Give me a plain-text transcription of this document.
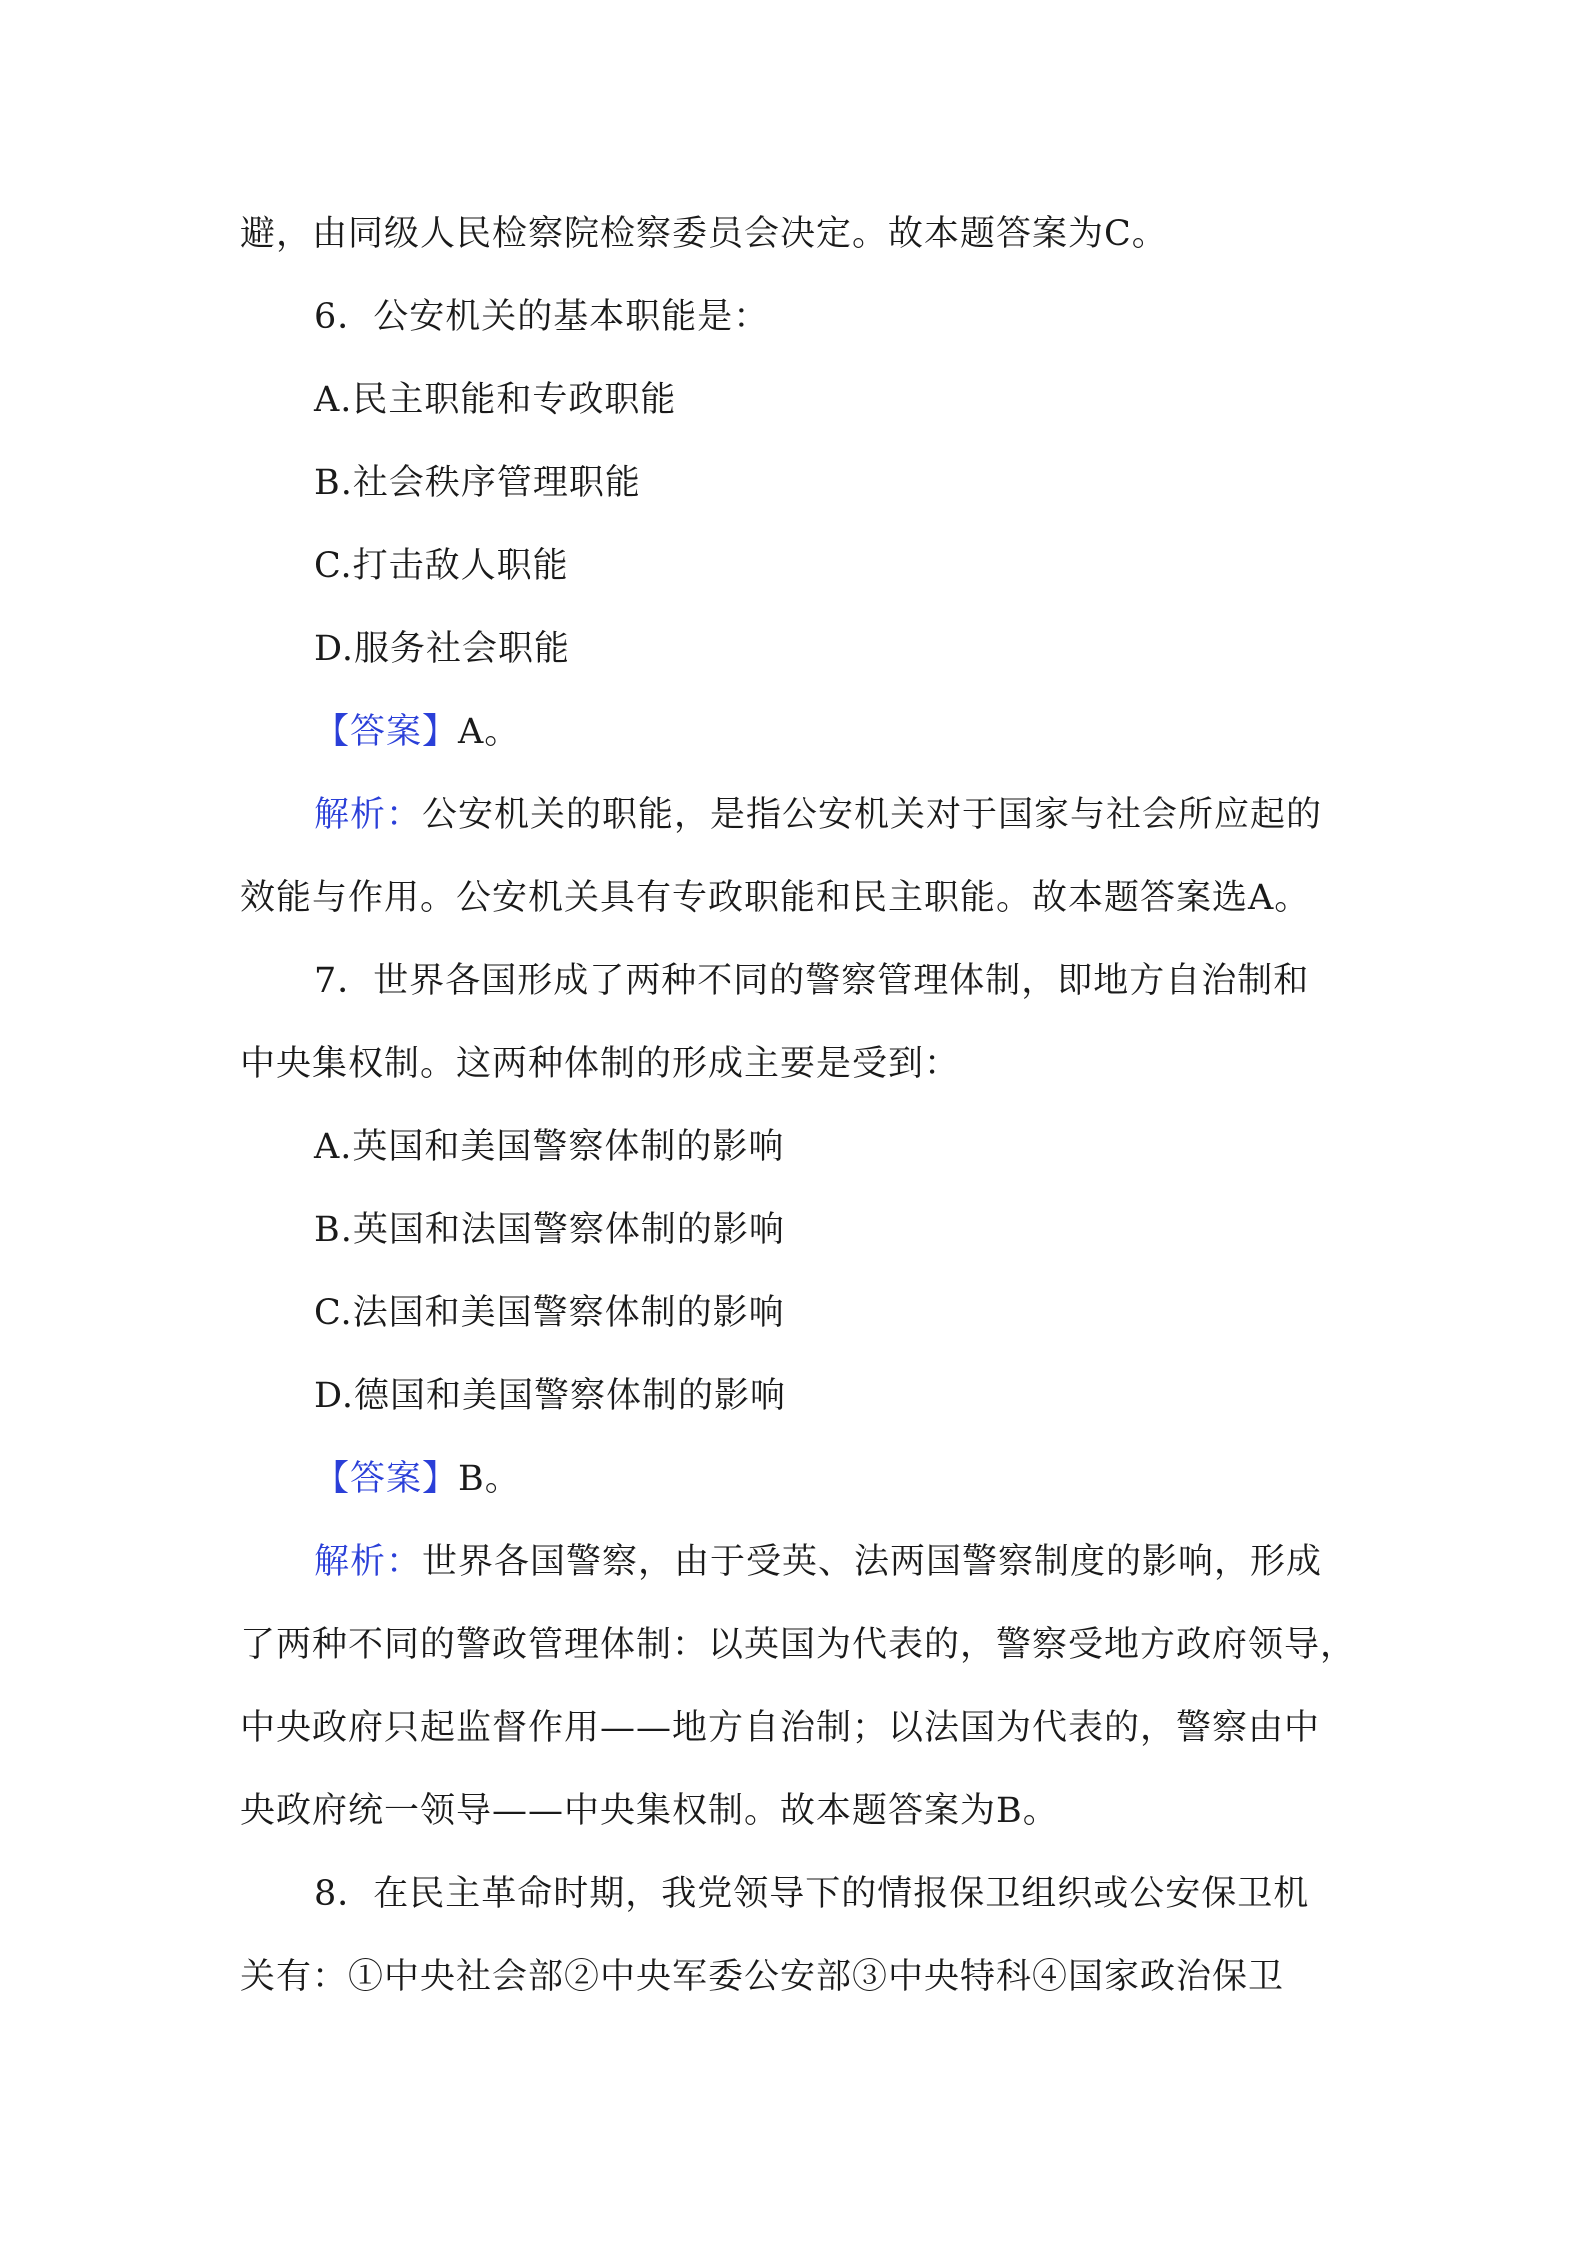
避，由同级人民检察院检察委员会决定。故本题答案为C。
6．公安机关的基本职能是：
A.民主职能和专政职能
B.社会秩序管理职能
C.打击敌人职能
D.服务社会职能
【答案】A。
解析：公安机关的职能，是指公安机关对于国家与社会所应起的
效能与作用。公安机关具有专政职能和民主职能。故本题答案选A。
7．世界各国形成了两种不同的警察管理体制，即地方自治制和
中央集权制。这两种体制的形成主要是受到：
A.英国和美国警察体制的影响
B.英国和法国警察体制的影响
C.法国和美国警察体制的影响
D.德国和美国警察体制的影响
【答案】B。
解析：世界各国警察，由于受英、法两国警察制度的影响，形成
了两种不同的警政管理体制：以英国为代表的，警察受地方政府领导，
中央政府只起监督作用——地方自治制；以法国为代表的，警察由中
央政府统一领导——中央集权制。故本题答案为B。
8．在民主革命时期，我党领导下的情报保卫组织或公安保卫机
关有：①中央社会部②中央军委公安部③中央特科④国家政治保卫
